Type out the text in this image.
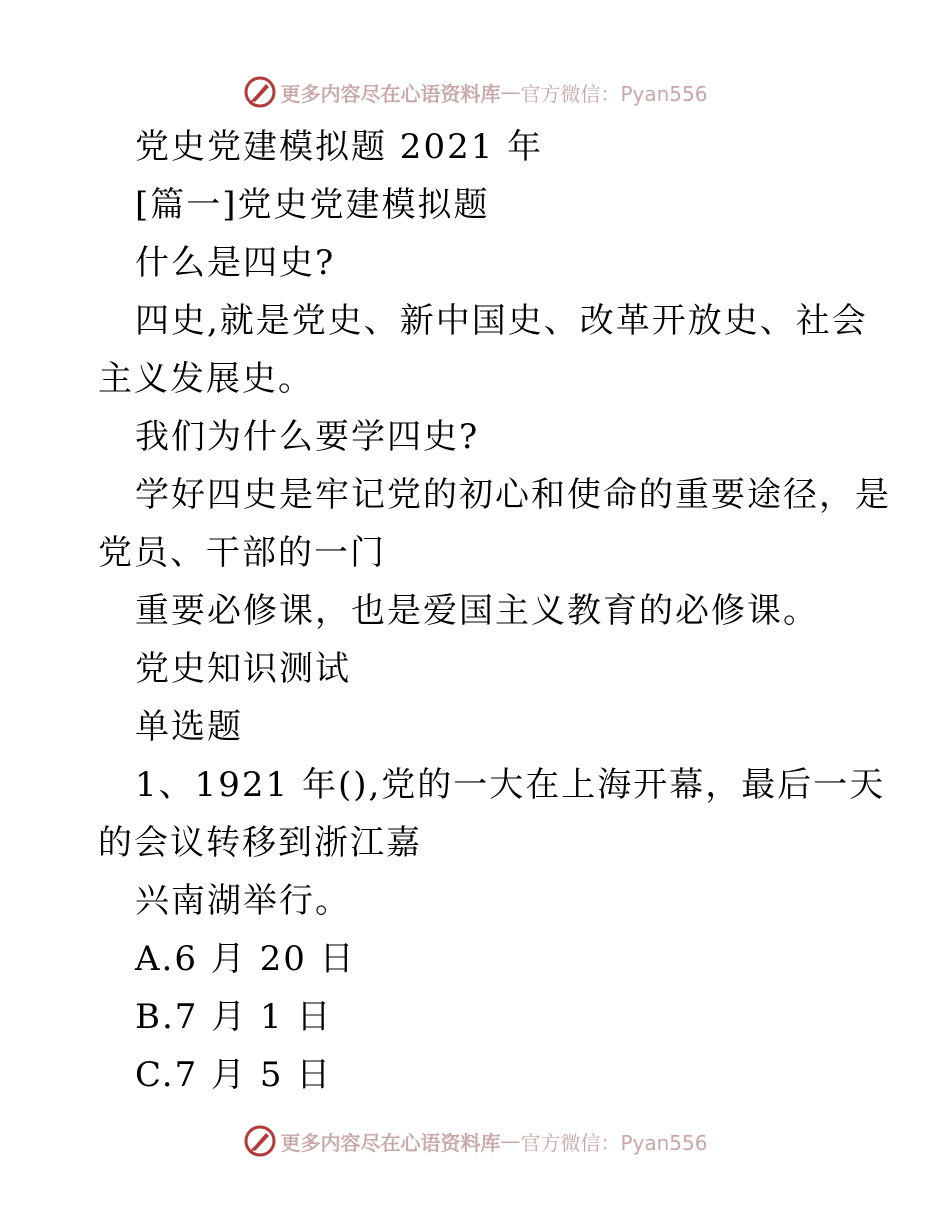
更多内容尽在心语资料库 — 官方微信：Pyan556
党史党建模拟题 2021 年
[篇一]党史党建模拟题
什么是四史?
四史,就是党史、新中国史、改革开放史、社会
主义发展史。
我们为什么要学四史?
学好四史是牢记党的初心和使命的重要途径，是
党员、干部的一门
重要必修课，也是爱国主义教育的必修课。
党史知识测试
单选题
1、1921 年(),党的一大在上海开幕，最后一天
的会议转移到浙江嘉
兴南湖举行。
A.6 月 20 日
B.7 月 1 日
C.7 月 5 日
更多内容尽在心语资料库 — 官方微信：Pyan556
